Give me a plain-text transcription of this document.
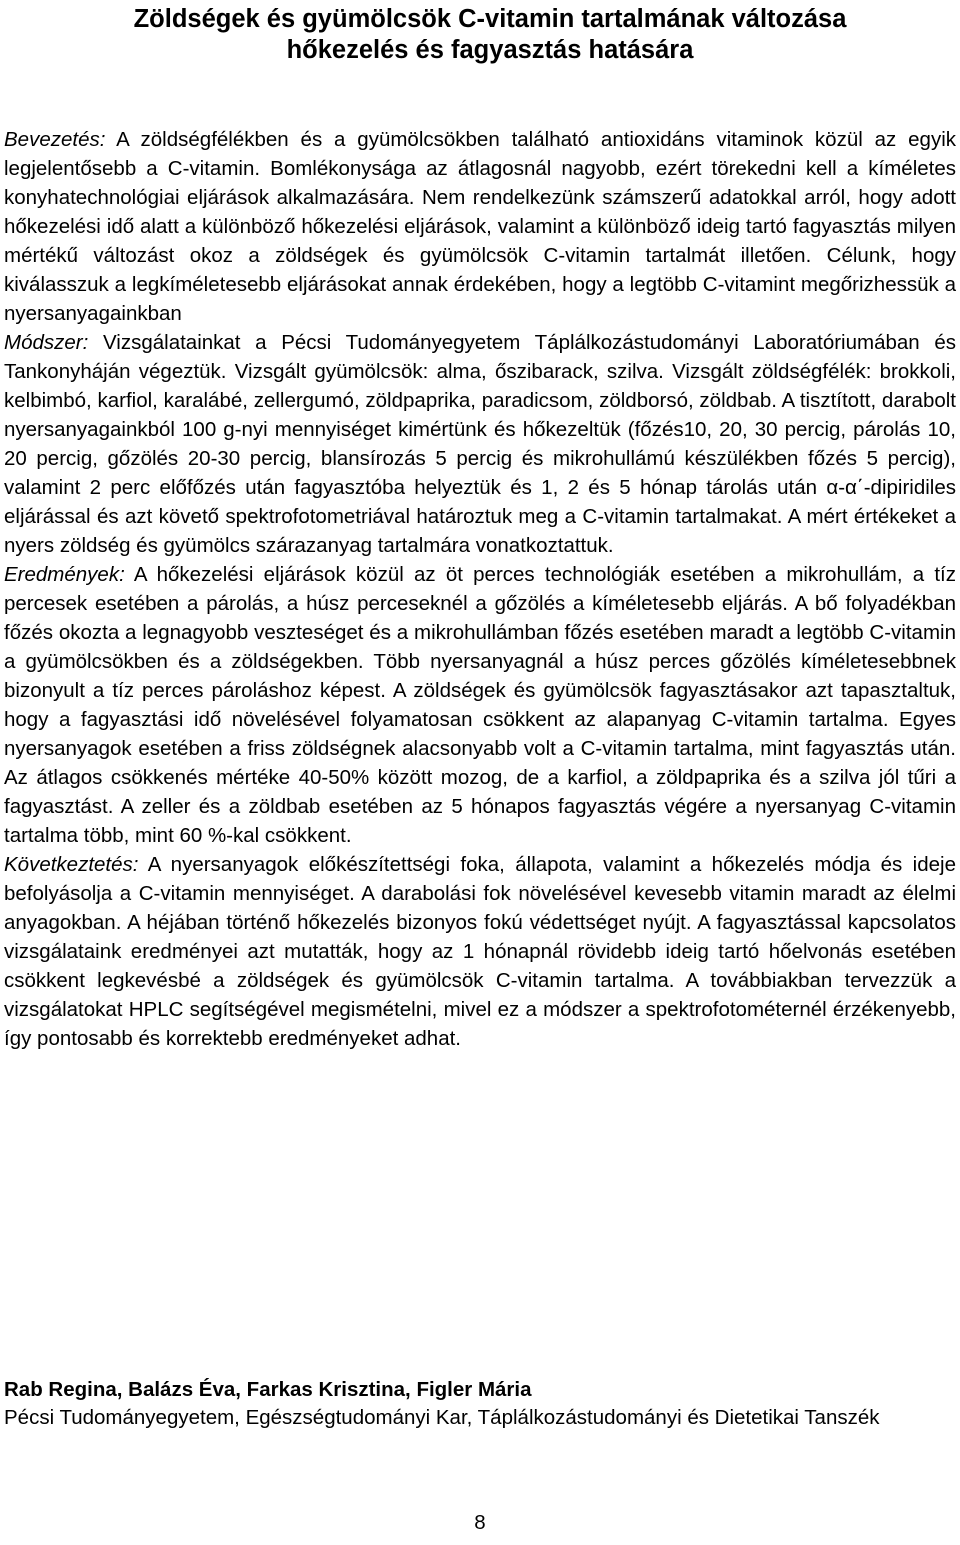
Zöldségek és gyümölcsök C-vitamin tartalmának változása
hőkezelés és fagyasztás hatására

Bevezetés: A zöldségfélékben és a gyümölcsökben található antioxidáns vitaminok közül az egyik legjelentősebb a C-vitamin. Bomlékonysága az átlagosnál nagyobb, ezért törekedni kell a kíméletes konyhatechnológiai eljárások alkalmazására. Nem rendelkezünk számszerű adatokkal arról, hogy adott hőkezelési idő alatt a különböző hőkezelési eljárások, valamint a különböző ideig tartó fagyasztás milyen mértékű változást okoz a zöldségek és gyümölcsök C-vitamin tartalmát illetően. Célunk, hogy kiválasszuk a legkíméletesebb eljárásokat annak érdekében, hogy a legtöbb C-vitamint megőrizhessük a nyersanyagainkban
Módszer: Vizsgálatainkat a Pécsi Tudományegyetem Táplálkozástudományi Laboratóriumában és Tankonyháján végeztük. Vizsgált gyümölcsök: alma, őszibarack, szilva. Vizsgált zöldségfélék: brokkoli, kelbimbó, karfiol, karalábé, zellergumó, zöldpaprika, paradicsom, zöldborsó, zöldbab. A tisztított, darabolt nyersanyagainkból 100 g-nyi mennyiséget kimértünk és hőkezeltük (főzés10, 20, 30 percig, párolás 10, 20 percig, gőzölés 20-30 percig, blansírozás 5 percig és mikrohullámú készülékben főzés 5 percig), valamint 2 perc előfőzés után fagyasztóba helyeztük és 1, 2 és 5 hónap tárolás után α-α΄-dipiridiles eljárással és azt követő spektrofotometriával határoztuk meg a C-vitamin tartalmakat. A mért értékeket a nyers zöldség és gyümölcs szárazanyag tartalmára vonatkoztattuk.
Eredmények: A hőkezelési eljárások közül az öt perces technológiák esetében a mikrohullám, a tíz percesek esetében a párolás, a húsz perceseknél a gőzölés a kíméletesebb eljárás. A bő folyadékban főzés okozta a legnagyobb veszteséget és a mikrohullámban főzés esetében maradt a legtöbb C-vitamin a gyümölcsökben és a zöldségekben. Több nyersanyagnál a húsz perces gőzölés kíméletesebbnek bizonyult a tíz perces pároláshoz képest. A zöldségek és gyümölcsök fagyasztásakor azt tapasztaltuk, hogy a fagyasztási idő növelésével folyamatosan csökkent az alapanyag C-vitamin tartalma. Egyes nyersanyagok esetében a friss zöldségnek alacsonyabb volt a C-vitamin tartalma, mint fagyasztás után. Az átlagos csökkenés mértéke 40-50% között mozog, de a karfiol, a zöldpaprika és a szilva jól tűri a fagyasztást. A zeller és a zöldbab esetében az 5 hónapos fagyasztás végére a nyersanyag C-vitamin tartalma több, mint 60 %-kal csökkent.
Következtetés: A nyersanyagok előkészítettségi foka, állapota, valamint a hőkezelés módja és ideje befolyásolja a C-vitamin mennyiséget. A darabolási fok növelésével kevesebb vitamin maradt az élelmi anyagokban. A héjában történő hőkezelés bizonyos fokú védettséget nyújt. A fagyasztással kapcsolatos vizsgálataink eredményei azt mutatták, hogy az 1 hónapnál rövidebb ideig tartó hőelvonás esetében csökkent legkevésbé a zöldségek és gyümölcsök C-vitamin tartalma. A továbbiakban tervezzük a vizsgálatokat HPLC segítségével megismételni, mivel ez a módszer a spektrofotométernél érzékenyebb, így pontosabb és korrektebb eredményeket adhat.

Rab Regina, Balázs Éva, Farkas Krisztina, Figler Mária

Pécsi Tudományegyetem, Egészségtudományi Kar, Táplálkozástudományi és Dietetikai Tanszék

8
